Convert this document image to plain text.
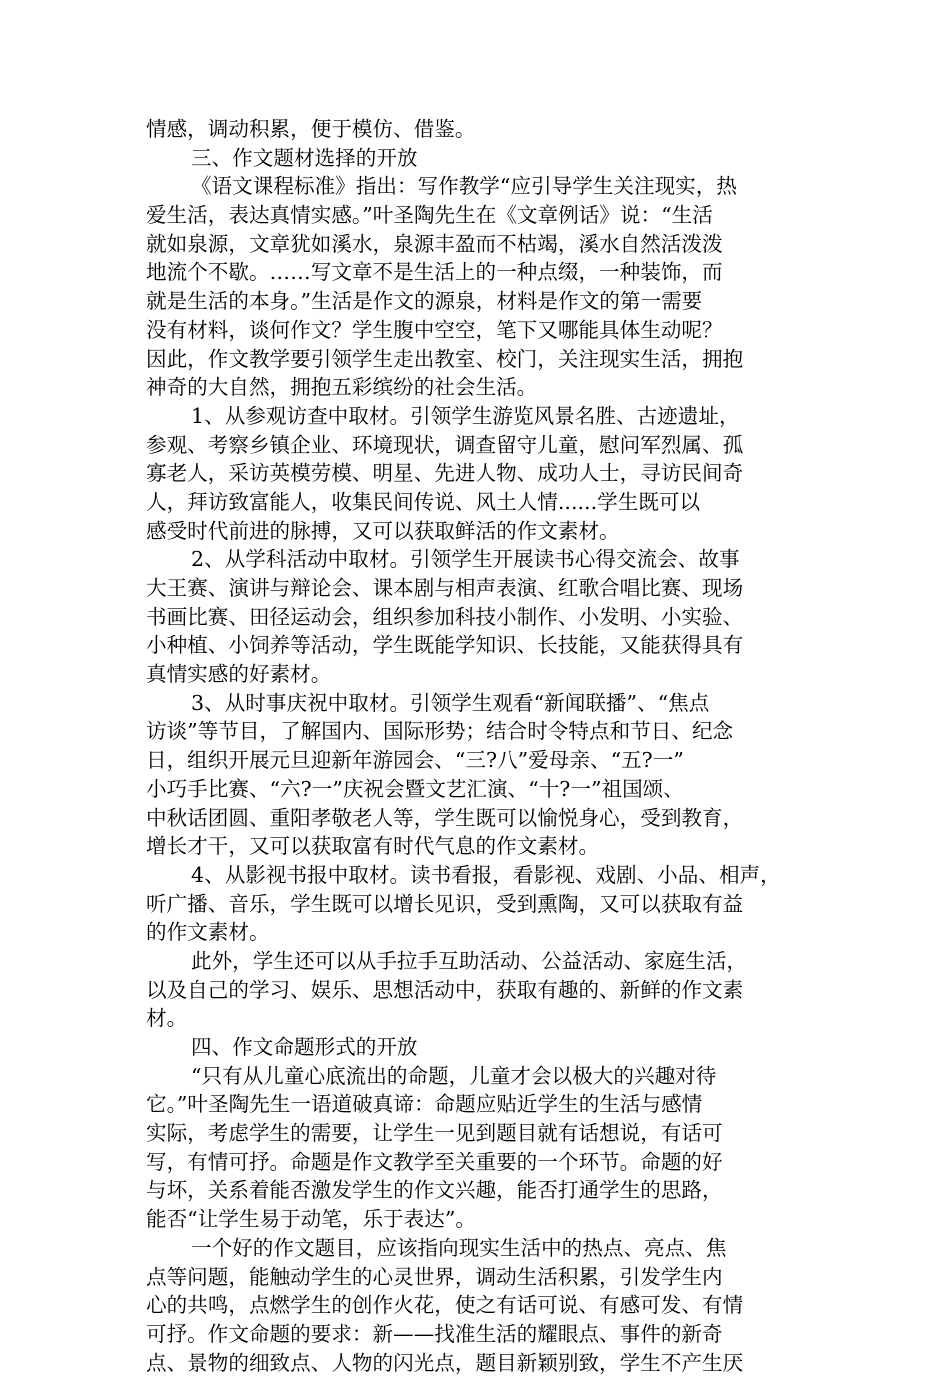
情感，调动积累，便于模仿、借鉴。
三、作文题材选择的开放
《语文课程标准》指出：写作教学“应引导学生关注现实，热
爱生活，表达真情实感。”叶圣陶先生在《文章例话》说：“生活
就如泉源，文章犹如溪水，泉源丰盈而不枯竭，溪水自然活泼泼
地流个不歇。……写文章不是生活上的一种点缀，一种装饰，而
就是生活的本身。”生活是作文的源泉，材料是作文的第一需要
没有材料，谈何作文？学生腹中空空，笔下又哪能具体生动呢？
因此，作文教学要引领学生走出教室、校门，关注现实生活，拥抱
神奇的大自然，拥抱五彩缤纷的社会生活。
1、从参观访查中取材。引领学生游览风景名胜、古迹遗址，
参观、考察乡镇企业、环境现状，调查留守儿童，慰问军烈属、孤
寡老人，采访英模劳模、明星、先进人物、成功人士，寻访民间奇
人，拜访致富能人，收集民间传说、风土人情......学生既可以
感受时代前进的脉搏，又可以获取鲜活的作文素材。
2、从学科活动中取材。引领学生开展读书心得交流会、故事
大王赛、演讲与辩论会、课本剧与相声表演、红歌合唱比赛、现场
书画比赛、田径运动会，组织参加科技小制作、小发明、小实验、
小种植、小饲养等活动，学生既能学知识、长技能，又能获得具有
真情实感的好素材。
3、从时事庆祝中取材。引领学生观看“新闻联播”、“焦点
访谈”等节目，了解国内、国际形势；结合时令特点和节日、纪念
日，组织开展元旦迎新年游园会、“三?八”爱母亲、“五?一”
小巧手比赛、“六?一”庆祝会暨文艺汇演、“十?一”祖国颂、
中秋话团圆、重阳孝敬老人等，学生既可以愉悦身心，受到教育，
增长才干，又可以获取富有时代气息的作文素材。
4、从影视书报中取材。读书看报，看影视、戏剧、小品、相声，
听广播、音乐，学生既可以增长见识，受到熏陶，又可以获取有益
的作文素材。
此外，学生还可以从手拉手互助活动、公益活动、家庭生活，
以及自己的学习、娱乐、思想活动中，获取有趣的、新鲜的作文素
材。
四、作文命题形式的开放
“只有从儿童心底流出的命题，儿童才会以极大的兴趣对待
它。”叶圣陶先生一语道破真谛：命题应贴近学生的生活与感情
实际，考虑学生的需要，让学生一见到题目就有话想说，有话可
写，有情可抒。命题是作文教学至关重要的一个环节。命题的好
与坏，关系着能否激发学生的作文兴趣，能否打通学生的思路，
能否“让学生易于动笔，乐于表达”。
一个好的作文题目，应该指向现实生活中的热点、亮点、焦
点等问题，能触动学生的心灵世界，调动生活积累，引发学生内
心的共鸣，点燃学生的创作火花，使之有话可说、有感可发、有情
可抒。作文命题的要求：新——找准生活的耀眼点、事件的新奇
点、景物的细致点、人物的闪光点，题目新颖别致，学生不产生厌
